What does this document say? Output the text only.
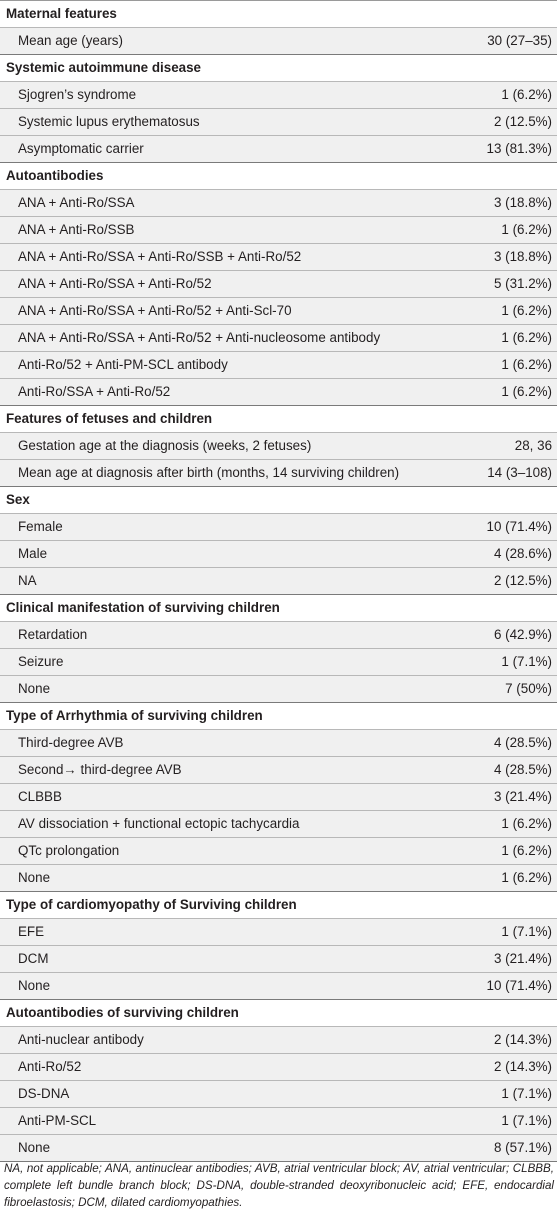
Maternal features	
Mean age (years)	30 (27–35)
Systemic autoimmune disease	
Sjogren’s syndrome	1 (6.2%)
Systemic lupus erythematosus	2 (12.5%)
Asymptomatic carrier	13 (81.3%)
Autoantibodies	
ANA + Anti-Ro/SSA	3 (18.8%)
ANA + Anti-Ro/SSB	1 (6.2%)
ANA + Anti-Ro/SSA + Anti-Ro/SSB + Anti-Ro/52	3 (18.8%)
ANA + Anti-Ro/SSA + Anti-Ro/52	5 (31.2%)
ANA + Anti-Ro/SSA + Anti-Ro/52 + Anti-Scl-70	1 (6.2%)
ANA + Anti-Ro/SSA + Anti-Ro/52 + Anti-nucleosome antibody	1 (6.2%)
Anti-Ro/52 + Anti-PM-SCL antibody	1 (6.2%)
Anti-Ro/SSA + Anti-Ro/52	1 (6.2%)
Features of fetuses and children	
Gestation age at the diagnosis (weeks, 2 fetuses)	28, 36
Mean age at diagnosis after birth (months, 14 surviving children)	14 (3–108)
Sex	
Female	10 (71.4%)
Male	4 (28.6%)
NA	2 (12.5%)
Clinical manifestation of surviving children	
Retardation	6 (42.9%)
Seizure	1 (7.1%)
None	7 (50%)
Type of Arrhythmia of surviving children	
Third-degree AVB	4 (28.5%)
Second→ third-degree AVB	4 (28.5%)
CLBBB	3 (21.4%)
AV dissociation + functional ectopic tachycardia	1 (6.2%)
QTc prolongation	1 (6.2%)
None	1 (6.2%)
Type of cardiomyopathy of Surviving children	
EFE	1 (7.1%)
DCM	3 (21.4%)
None	10 (71.4%)
Autoantibodies of surviving children	
Anti-nuclear antibody	2 (14.3%)
Anti-Ro/52	2 (14.3%)
DS-DNA	1 (7.1%)
Anti-PM-SCL	1 (7.1%)
None	8 (57.1%)

NA, not applicable; ANA, antinuclear antibodies; AVB, atrial ventricular block; AV, atrial ventricular; CLBBB, complete left bundle branch block; DS-DNA, double-stranded deoxyribonucleic acid; EFE, endocardial fibroelastosis; DCM, dilated cardiomyopathies.
